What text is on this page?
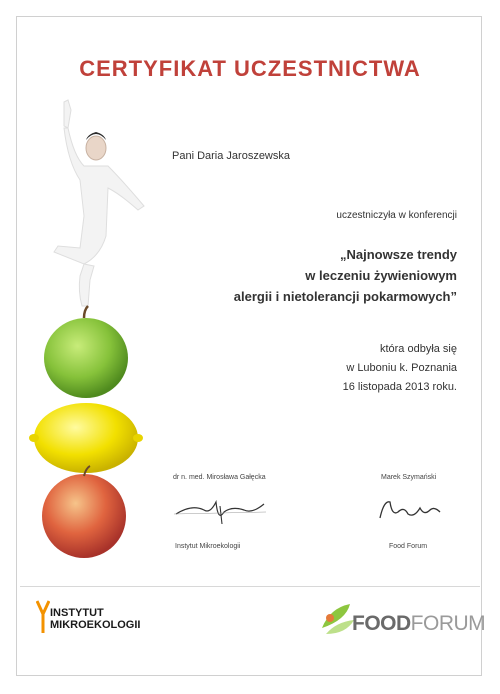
CERTYFIKAT UCZESTNICTWA
Pani Daria Jaroszewska
uczestniczyła w konferencji
„Najnowsze trendy
w leczeniu żywieniowym
alergii i nietolerancji pokarmowych”
która odbyła się
w Luboniu k. Poznania
16 listopada 2013 roku.
dr n. med. Mirosława Gałęcka
Instytut Mikroekologii
Marek Szymański
Food Forum
INSTYTUT
MIKROEKOLOGII	FOODFORUM
